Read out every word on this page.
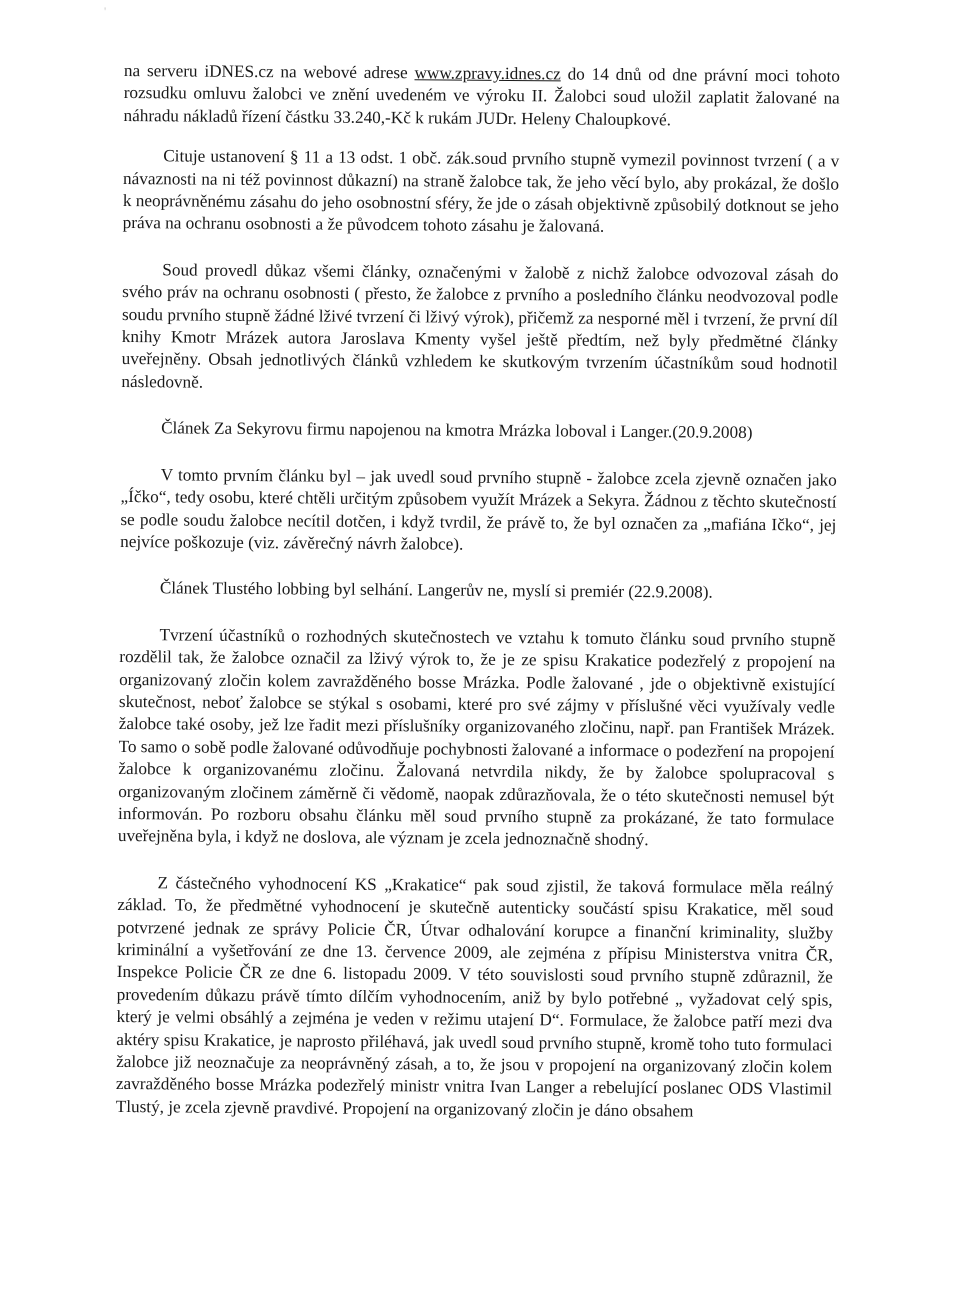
'

na serveru iDNES.cz na webové adrese www.zpravy.idnes.cz do 14 dnů od dne právní moci tohoto rozsudku omluvu žalobci ve znění uvedeném ve výroku II. Žalobci soud uložil zaplatit žalované na náhradu nákladů řízení částku 33.240,-Kč k rukám JUDr. Heleny Chaloupkové.

Cituje ustanovení § 11 a 13 odst. 1 obč. zák.soud prvního stupně vymezil povinnost tvrzení ( a v návaznosti na ni též povinnost důkazní) na straně žalobce tak, že jeho věcí bylo, aby prokázal, že došlo k neoprávněnému zásahu do jeho osobnostní sféry, že jde o zásah objektivně způsobilý dotknout se jeho práva na ochranu osobnosti a že původcem tohoto zásahu je žalovaná.

Soud provedl důkaz všemi články, označenými v žalobě z nichž žalobce odvozoval zásah do svého práv na ochranu osobnosti ( přesto, že žalobce z prvního a posledního článku neodvozoval podle soudu prvního stupně žádné lživé tvrzení či lživý výrok), přičemž za nesporné měl i tvrzení, že první díl knihy Kmotr Mrázek autora Jaroslava Kmenty vyšel ještě předtím, než byly předmětné články uveřejněny. Obsah jednotlivých článků vzhledem ke skutkovým tvrzením účastníkům soud hodnotil následovně.

Článek Za Sekyrovu firmu napojenou na kmotra Mrázka loboval i Langer.(20.9.2008)

V tomto prvním článku byl – jak uvedl soud prvního stupně - žalobce zcela zjevně označen jako „Íčko“, tedy osobu, které chtěli určitým způsobem využít Mrázek a Sekyra. Žádnou z těchto skutečností se podle soudu žalobce necítil dotčen, i když tvrdil, že právě to, že byl označen za „mafiána Ičko“, jej nejvíce poškozuje (viz. závěrečný návrh žalobce).

Článek Tlustého lobbing byl selhání. Langerův ne, myslí si premiér (22.9.2008).

Tvrzení účastníků o rozhodných skutečnostech ve vztahu k tomuto článku soud prvního stupně rozdělil tak, že žalobce označil za lživý výrok to, že je ze spisu Krakatice podezřelý z propojení na organizovaný zločin kolem zavražděného bosse Mrázka. Podle žalované , jde o objektivně existující skutečnost, neboť žalobce se stýkal s osobami, které pro své zájmy v příslušné věci využívaly vedle žalobce také osoby, jež lze řadit mezi příslušníky organizovaného zločinu, např. pan František Mrázek. To samo o sobě podle žalované odůvodňuje pochybnosti žalované a informace o podezření na propojení žalobce k organizovanému zločinu. Žalovaná netvrdila nikdy, že by žalobce spolupracoval s organizovaným zločinem záměrně či vědomě, naopak zdůrazňovala, že o této skutečnosti nemusel být informován. Po rozboru obsahu článku měl soud prvního stupně za prokázané, že tato formulace uveřejněna byla, i když ne doslova, ale význam je zcela jednoznačně shodný.

Z částečného vyhodnocení KS „Krakatice“ pak soud zjistil, že taková formulace měla reálný základ. To, že předmětné vyhodnocení je skutečně autenticky součástí spisu Krakatice, měl soud potvrzené jednak ze správy Policie ČR, Útvar odhalování korupce a finanční kriminality, služby kriminální a vyšetřování ze dne 13. července 2009, ale zejména z přípisu Ministerstva vnitra ČR, Inspekce Policie ČR ze dne 6. listopadu 2009. V této souvislosti soud prvního stupně zdůraznil, že provedením důkazu právě tímto dílčím vyhodnocením, aniž by bylo potřebné „ vyžadovat celý spis, který je velmi obsáhlý a zejména je veden v režimu utajení D“. Formulace, že žalobce patří mezi dva aktéry spisu Krakatice, je naprosto přiléhavá, jak uvedl soud prvního stupně, kromě toho tuto formulaci žalobce již neoznačuje za neoprávněný zásah, a to, že jsou v propojení na organizovaný zločin kolem zavražděného bosse Mrázka podezřelý ministr vnitra Ivan Langer a rebelující poslanec ODS Vlastimil Tlustý, je zcela zjevně pravdivé. Propojení na organizovaný zločin je dáno obsahem
